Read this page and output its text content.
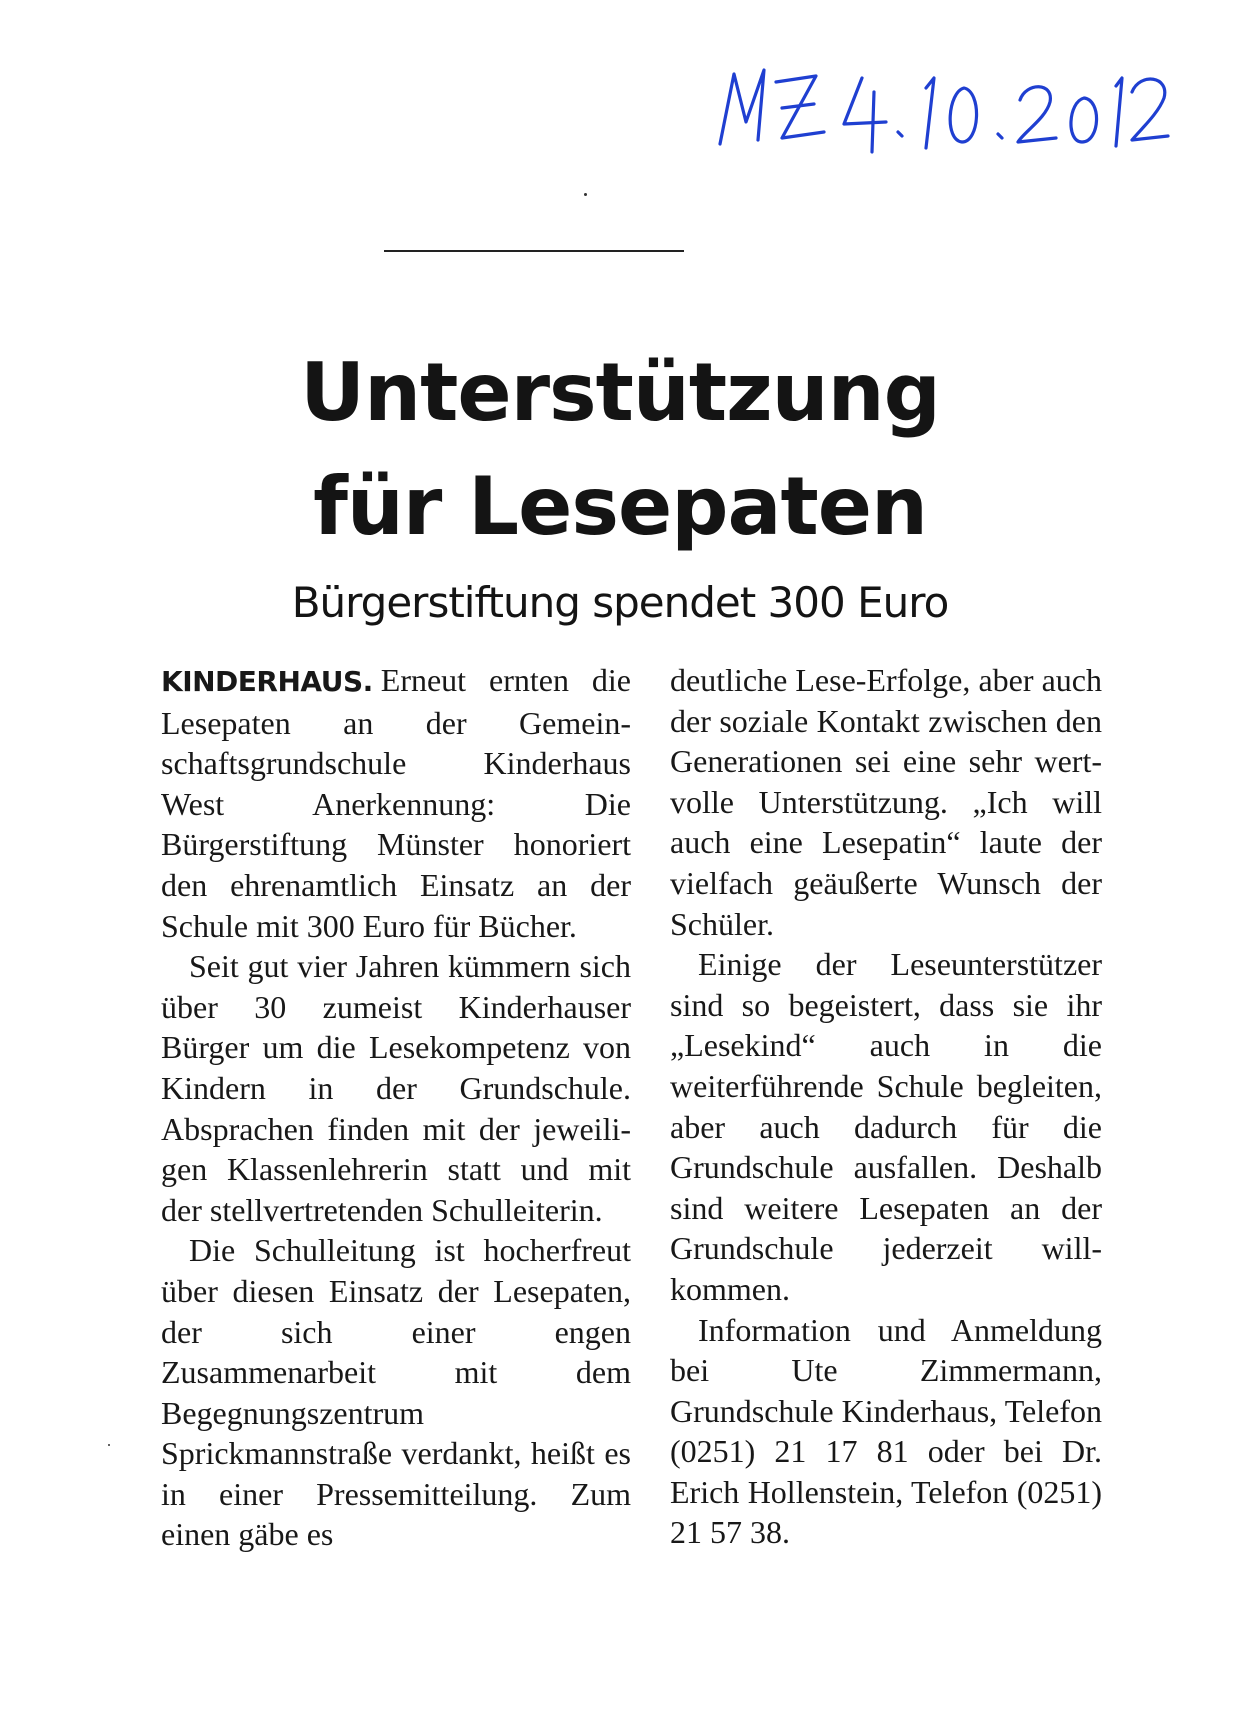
Unterstützung
für Lesepaten
Bürgerstiftung spendet 300 Euro

KINDERHAUS. Erneut ernten die Lesepaten an der Gemeinschaftsgrundschule Kinderhaus West Anerkennung: Die Bürgerstiftung Münster honoriert den ehrenamtlich Einsatz an der Schule mit 300 Euro für Bücher.

Seit gut vier Jahren kümmern sich über 30 zumeist Kinderhauser Bürger um die Lesekompetenz von Kindern in der Grundschule. Absprachen finden mit der jeweiligen Klassenlehrerin statt und mit der stellvertretenden Schulleiterin.

Die Schulleitung ist hocherfreut über diesen Einsatz der Lesepaten, der sich einer engen Zusammenarbeit mit dem Begegnungszentrum Sprickmannstraße verdankt, heißt es in einer Pressemitteilung. Zum einen gäbe es

deutliche Lese-Erfolge, aber auch der soziale Kontakt zwischen den Generationen sei eine sehr wertvolle Unterstützung. „Ich will auch eine Lesepatin“ laute der vielfach geäußerte Wunsch der Schüler.

Einige der Leseunterstützer sind so begeistert, dass sie ihr „Lesekind“ auch in die weiterführende Schule begleiten, aber auch dadurch für die Grundschule ausfallen. Deshalb sind weitere Lesepaten an der Grundschule jederzeit willkommen.

Information und Anmeldung bei Ute Zimmermann, Grundschule Kinderhaus, Telefon (0251) 21 17 81 oder bei Dr. Erich Hollenstein, Telefon (0251) 21 57 38.
